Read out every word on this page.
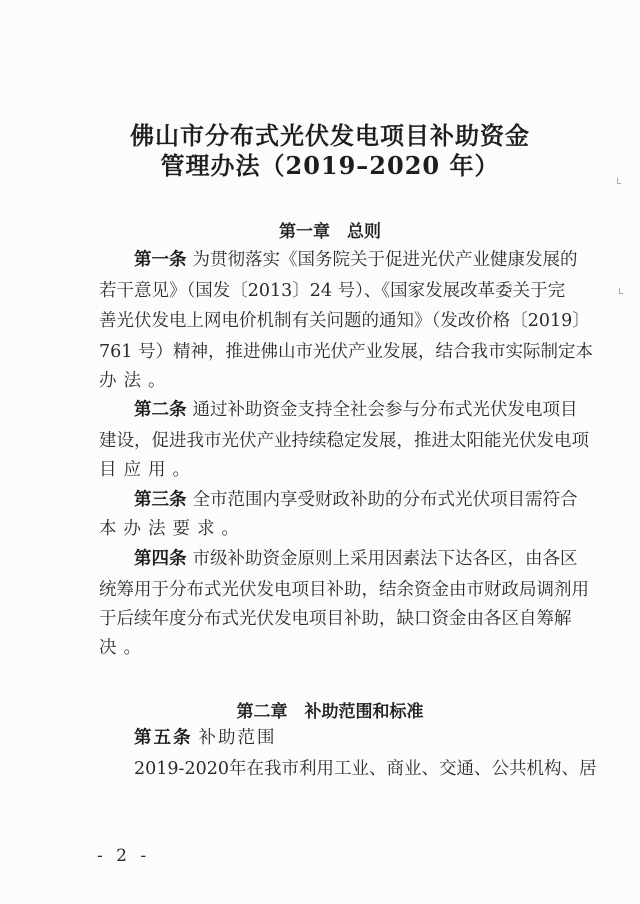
佛山市分布式光伏发电项目补助资金
管理办法（2019–2020 年）
第一章　总则
第一条 为贯彻落实《国务院关于促进光伏产业健康发展的
若干意见》（国发〔2013〕24 号）、《国家发展改革委关于完
善光伏发电上网电价机制有关问题的通知》（发改价格〔2019〕
761 号）精神，推进佛山市光伏产业发展，结合我市实际制定本
办法。
第二条 通过补助资金支持全社会参与分布式光伏发电项目
建设，促进我市光伏产业持续稳定发展，推进太阳能光伏发电项
目应用。
第三条 全市范围内享受财政补助的分布式光伏项目需符合
本办法要求。
第四条 市级补助资金原则上采用因素法下达各区，由各区
统筹用于分布式光伏发电项目补助，结余资金由市财政局调剂用
于后续年度分布式光伏发电项目补助，缺口资金由各区自筹解
决。
第二章　补助范围和标准
第五条 补助范围
2019-2020年在我市利用工业、商业、交通、公共机构、居
- 2 -
